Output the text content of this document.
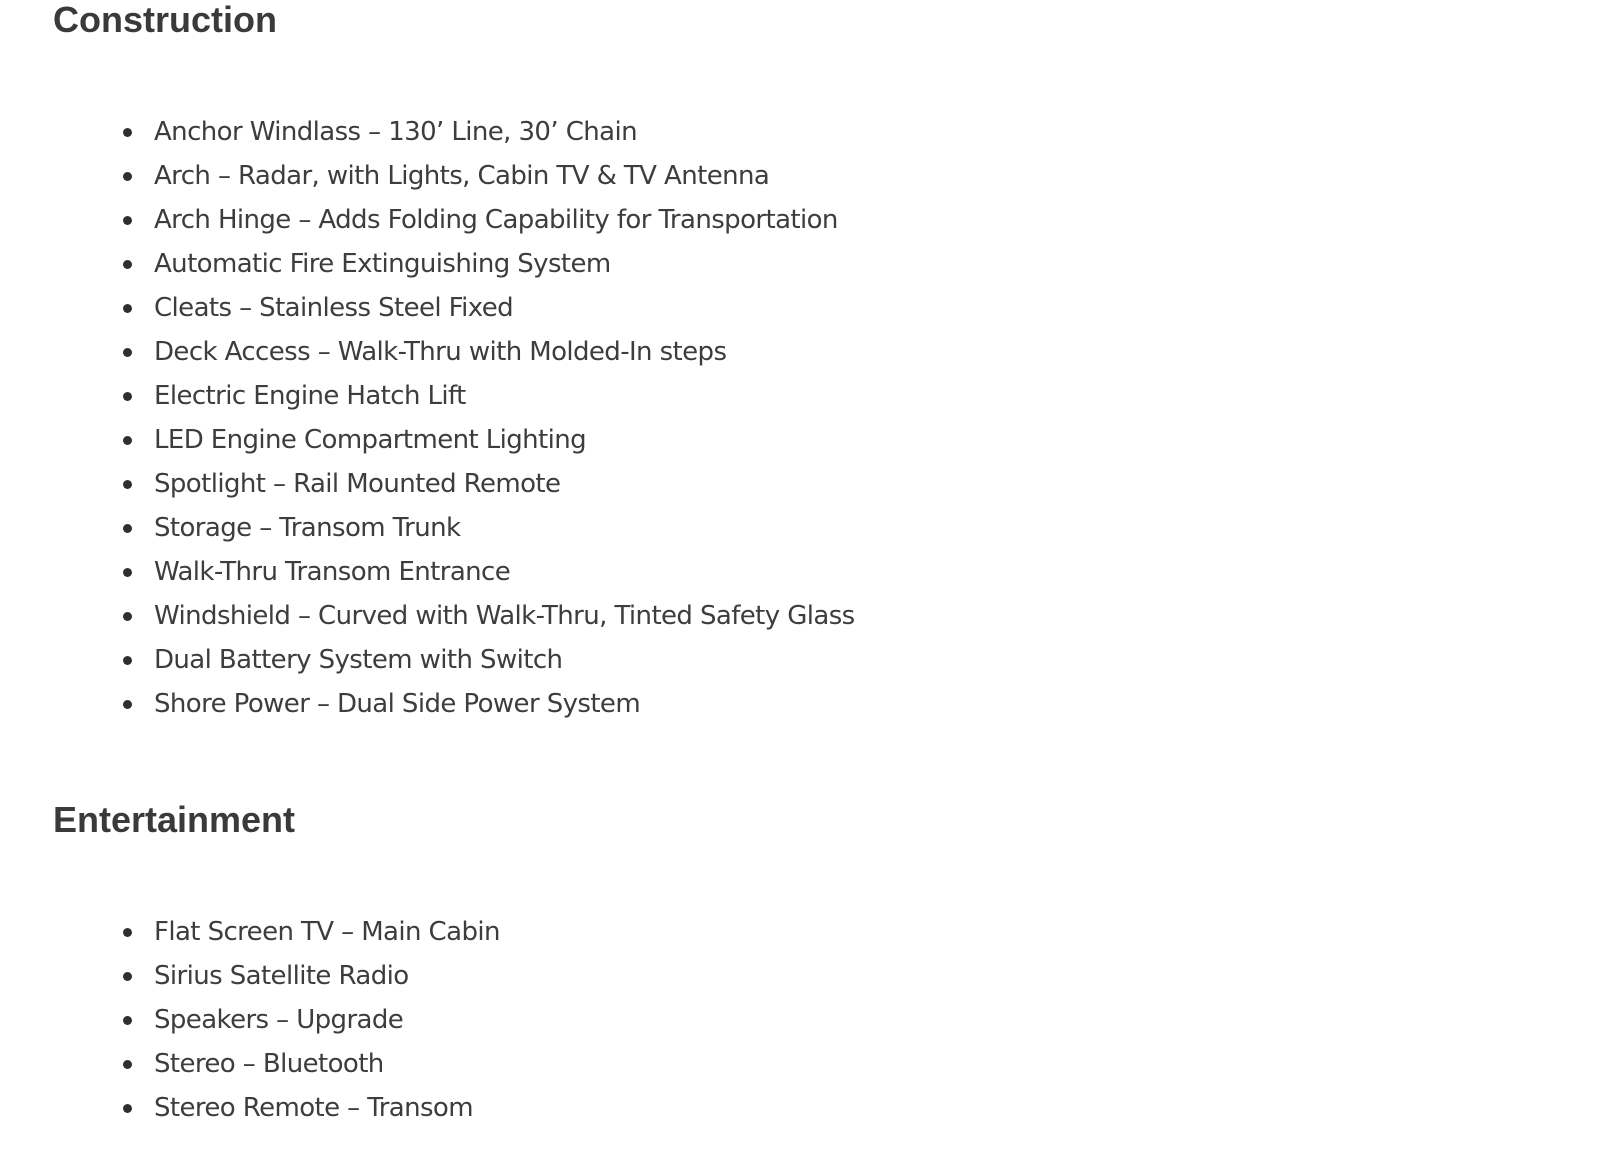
Construction
Anchor Windlass – 130’ Line, 30’ Chain
Arch – Radar, with Lights, Cabin TV & TV Antenna
Arch Hinge – Adds Folding Capability for Transportation
Automatic Fire Extinguishing System
Cleats – Stainless Steel Fixed
Deck Access – Walk-Thru with Molded-In steps
Electric Engine Hatch Lift
LED Engine Compartment Lighting
Spotlight – Rail Mounted Remote
Storage – Transom Trunk
Walk-Thru Transom Entrance
Windshield – Curved with Walk-Thru, Tinted Safety Glass
Dual Battery System with Switch
Shore Power – Dual Side Power System
Entertainment
Flat Screen TV – Main Cabin
Sirius Satellite Radio
Speakers – Upgrade
Stereo – Bluetooth
Stereo Remote – Transom
